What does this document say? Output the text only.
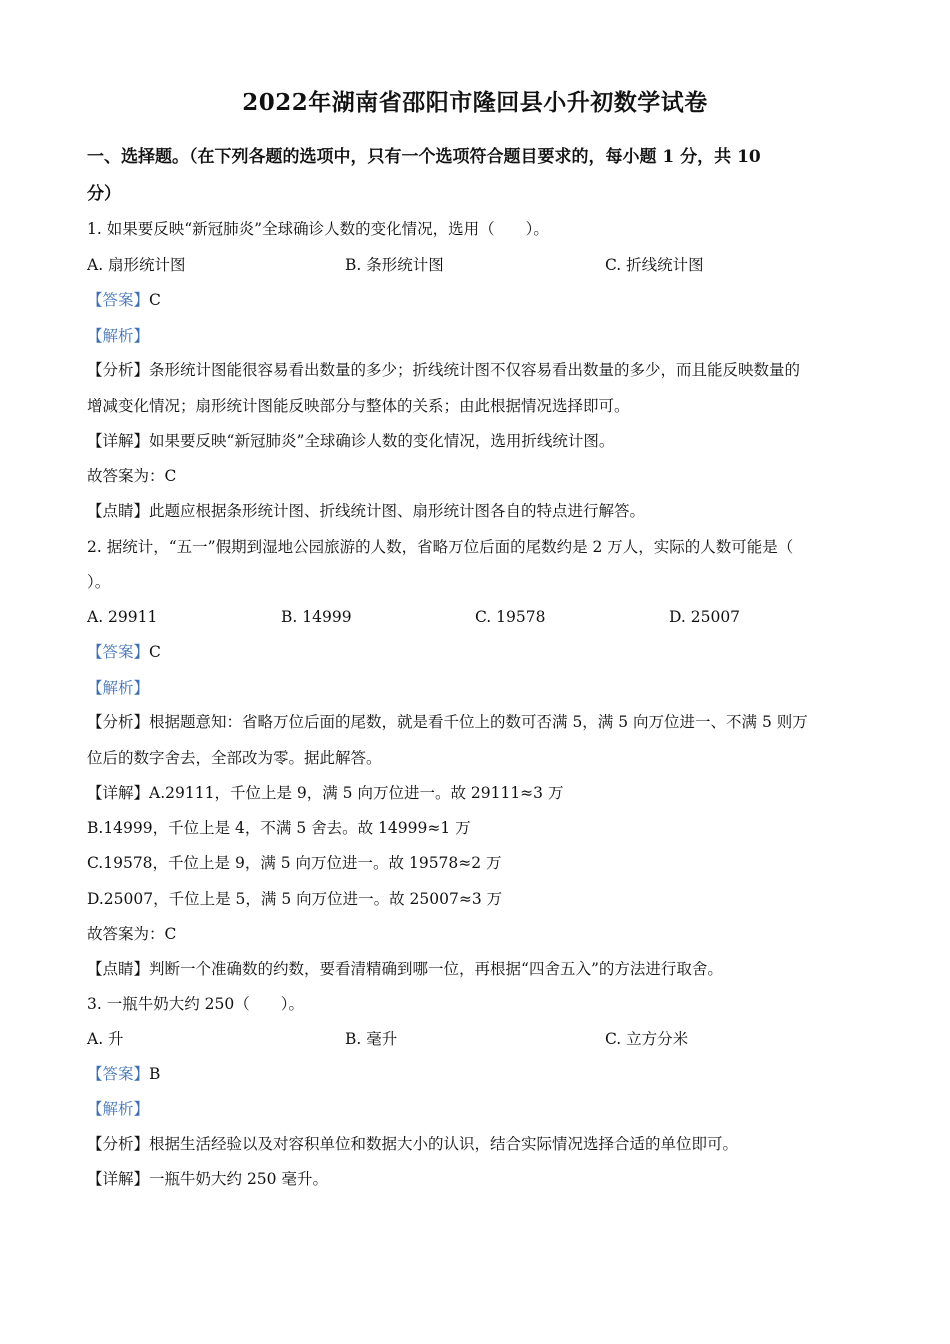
2022年湖南省邵阳市隆回县小升初数学试卷
一、选择题。（在下列各题的选项中，只有一个选项符合题目要求的，每小题 1 分，共 10
分）
1. 如果要反映“新冠肺炎”全球确诊人数的变化情况，选用（　　）。
A. 扇形统计图	B. 条形统计图	C. 折线统计图
【答案】C
【解析】
【分析】条形统计图能很容易看出数量的多少；折线统计图不仅容易看出数量的多少，而且能反映数量的
增减变化情况；扇形统计图能反映部分与整体的关系；由此根据情况选择即可。
【详解】如果要反映“新冠肺炎”全球确诊人数的变化情况，选用折线统计图。
故答案为：C
【点睛】此题应根据条形统计图、折线统计图、扇形统计图各自的特点进行解答。
2. 据统计，“五一”假期到湿地公园旅游的人数，省略万位后面的尾数约是 2 万人，实际的人数可能是（
）。
A. 29911	B. 14999	C. 19578	D. 25007
【答案】C
【解析】
【分析】根据题意知：省略万位后面的尾数，就是看千位上的数可否满 5，满 5 向万位进一、不满 5 则万
位后的数字舍去，全部改为零。据此解答。
【详解】A.29111，千位上是 9，满 5 向万位进一。故 29111≈3 万
B.14999，千位上是 4，不满 5 舍去。故 14999≈1 万
C.19578，千位上是 9，满 5 向万位进一。故 19578≈2 万
D.25007，千位上是 5，满 5 向万位进一。故 25007≈3 万
故答案为：C
【点睛】判断一个准确数的约数，要看清精确到哪一位，再根据“四舍五入”的方法进行取舍。
3. 一瓶牛奶大约 250（　　）。
A. 升	B. 毫升	C. 立方分米
【答案】B
【解析】
【分析】根据生活经验以及对容积单位和数据大小的认识，结合实际情况选择合适的单位即可。
【详解】一瓶牛奶大约 250 毫升。
